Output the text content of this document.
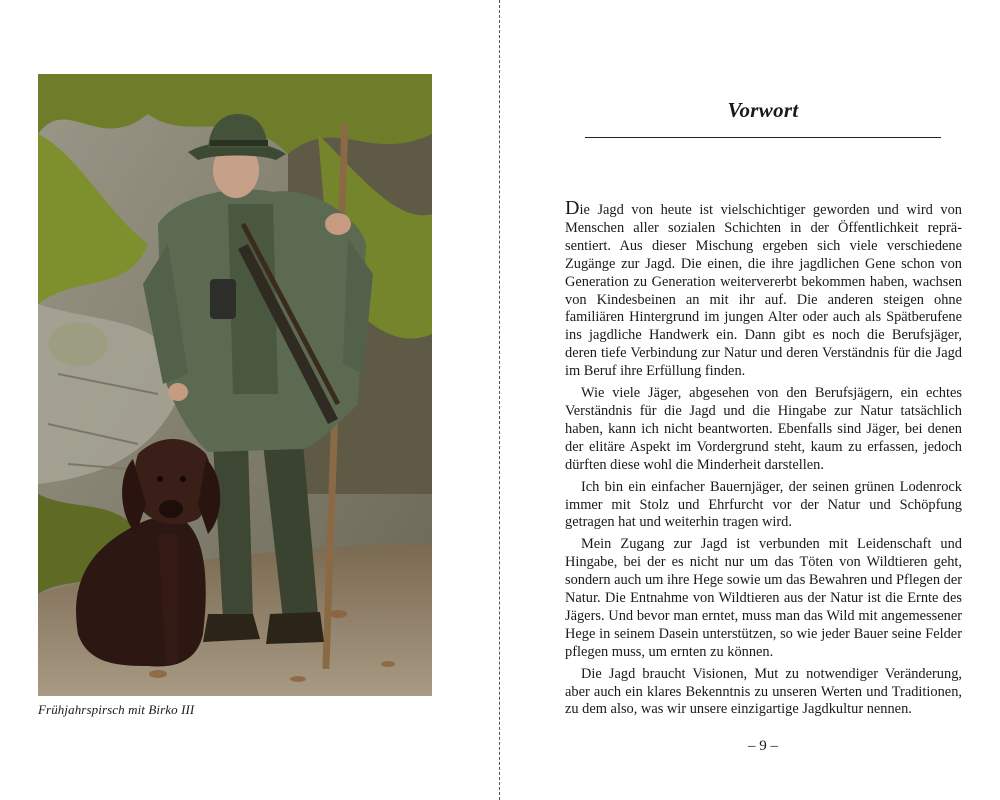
Frühjahrspirsch mit Birko III
Vorwort

Die Jagd von heute ist vielschichtiger geworden und wird von Menschen aller sozialen Schichten in der Öffentlichkeit repräsentiert. Aus dieser Mischung ergeben sich viele verschiedene Zugänge zur Jagd. Die einen, die ihre jagdlichen Gene schon von Generation zu Generation weitervererbt bekommen haben, wachsen von Kindesbeinen an mit ihr auf. Die anderen steigen ohne familiären Hintergrund im jungen Alter oder auch als Spätberufene ins jagdliche Handwerk ein. Dann gibt es noch die Berufsjäger, deren tiefe Verbindung zur Natur und deren Verständnis für die Jagd im Beruf ihre Erfüllung finden.

Wie viele Jäger, abgesehen von den Berufsjägern, ein echtes Verständnis für die Jagd und die Hingabe zur Natur tatsächlich haben, kann ich nicht beantworten. Ebenfalls sind Jäger, bei denen der elitäre Aspekt im Vordergrund steht, kaum zu erfassen, jedoch dürften diese wohl die Minderheit darstellen.

Ich bin ein einfacher Bauernjäger, der seinen grünen Lodenrock immer mit Stolz und Ehrfurcht vor der Natur und Schöpfung getragen hat und weiterhin tragen wird.

Mein Zugang zur Jagd ist verbunden mit Leidenschaft und Hingabe, bei der es nicht nur um das Töten von Wildtieren geht, sondern auch um ihre Hege sowie um das Bewahren und Pflegen der Natur. Die Entnahme von Wildtieren aus der Natur ist die Ernte des Jägers. Und bevor man erntet, muss man das Wild mit angemessener Hege in seinem Dasein unterstützen, so wie jeder Bauer seine Felder pflegen muss, um ernten zu können.

Die Jagd braucht Visionen, Mut zu notwendiger Veränderung, aber auch ein klares Bekenntnis zu unseren Werten und Traditionen, zu dem also, was wir unsere einzigartige Jagdkultur nennen.

– 9 –
